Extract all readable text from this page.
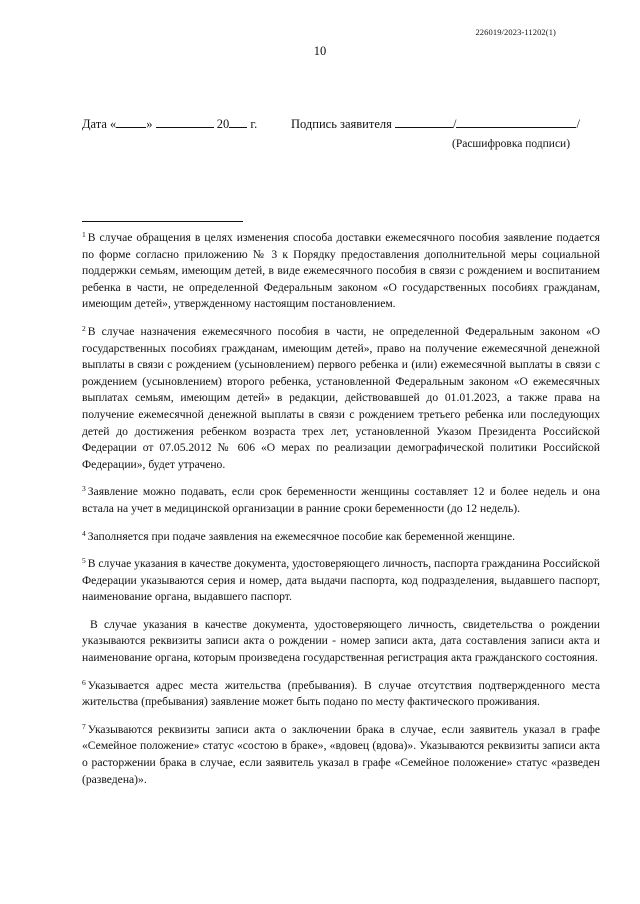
226019/2023-11202(1)
10
Дата « »	20 г.	Подпись заявителя	/	/
(Расшифровка подписи)

$^1$ В случае обращения в целях изменения способа доставки ежемесячного пособия заявление подается по форме согласно приложению № 3 к Порядку предоставления дополнительной меры социальной поддержки семьям, имеющим детей, в виде ежемесячного пособия в связи с рождением и воспитанием ребенка в части, не определенной Федеральным законом «О государственных пособиях гражданам, имеющим детей», утвержденному настоящим постановлением.

$^2$ В случае назначения ежемесячного пособия в части, не определенной Федеральным законом «О государственных пособиях гражданам, имеющим детей», право на получение ежемесячной денежной выплаты в связи с рождением (усыновлением) первого ребенка и (или) ежемесячной выплаты в связи с рождением (усыновлением) второго ребенка, установленной Федеральным законом «О ежемесячных выплатах семьям, имеющим детей» в редакции, действовавшей до 01.01.2023, а также права на получение ежемесячной денежной выплаты в связи с рождением третьего ребенка или последующих детей до достижения ребенком возраста трех лет, установленной Указом Президента Российской Федерации от 07.05.2012 № 606 «О мерах по реализации демографической политики Российской Федерации», будет утрачено.

$^3$ Заявление можно подавать, если срок беременности женщины составляет 12 и более недель и она встала на учет в медицинской организации в ранние сроки беременности (до 12 недель).

$^4$ Заполняется при подаче заявления на ежемесячное пособие как беременной женщине.

$^5$ В случае указания в качестве документа, удостоверяющего личность, паспорта гражданина Российской Федерации указываются серия и номер, дата выдачи паспорта, код подразделения, выдавшего паспорт, наименование органа, выдавшего паспорт.

В случае указания в качестве документа, удостоверяющего личность, свидетельства о рождении указываются реквизиты записи акта о рождении - номер записи акта, дата составления записи акта и наименование органа, которым произведена государственная регистрация акта гражданского состояния.

$^6$ Указывается адрес места жительства (пребывания). В случае отсутствия подтвержденного места жительства (пребывания) заявление может быть подано по месту фактического проживания.

$^7$ Указываются реквизиты записи акта о заключении брака в случае, если заявитель указал в графе «Семейное положение» статус «состою в браке», «вдовец (вдова)». Указываются реквизиты записи акта о расторжении брака в случае, если заявитель указал в графе «Семейное положение» статус «разведен (разведена)».
